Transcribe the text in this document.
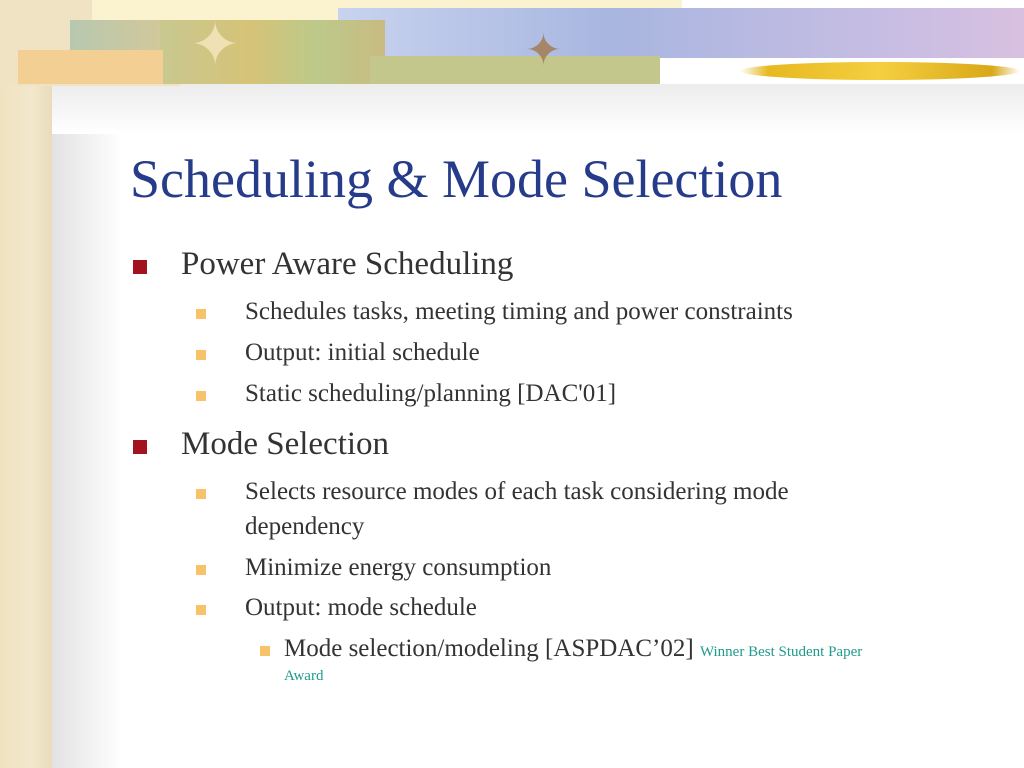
✦	✦
Scheduling & Mode Selection
Power Aware Scheduling
Schedules tasks, meeting timing and power constraints
Output: initial schedule
Static scheduling/planning [DAC'01]
Mode Selection
Selects resource modes of each task considering mode
dependency
Minimize energy consumption
Output: mode schedule
Mode selection/modeling [ASPDAC’02] Winner Best Student Paper
Award
